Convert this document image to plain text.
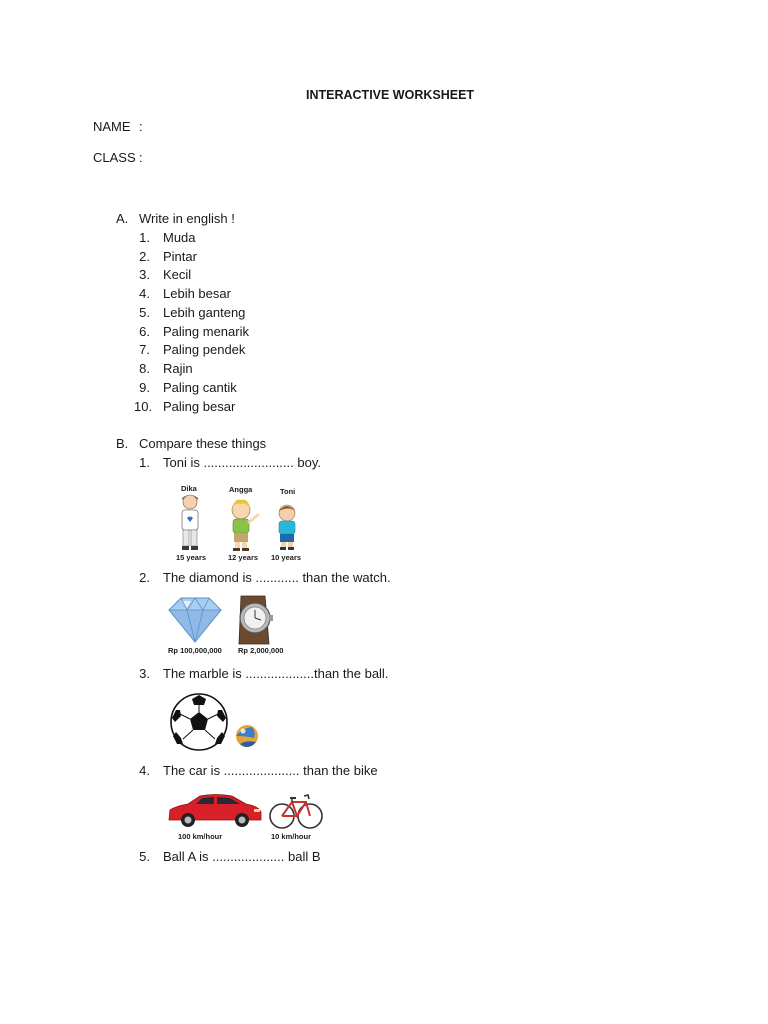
INTERACTIVE WORKSHEET
NAME :
CLASS :
A. Write in english !
1. Muda
2. Pintar
3. Kecil
4. Lebih besar
5. Lebih ganteng
6. Paling menarik
7. Paling pendek
8. Rajin
9. Paling cantik
10. Paling besar
B. Compare these things
1. Toni is ......................... boy.
Dika	Angga	Toni
15 years	12 years 10 years
2. The diamond is ............ than the watch.
Rp 100,000,000 Rp 2,000,000
3. The marble is ...................than the ball.
4. The car is ..................... than the bike
100 km/hour	10 km/hour
5. Ball A is .................... ball B
